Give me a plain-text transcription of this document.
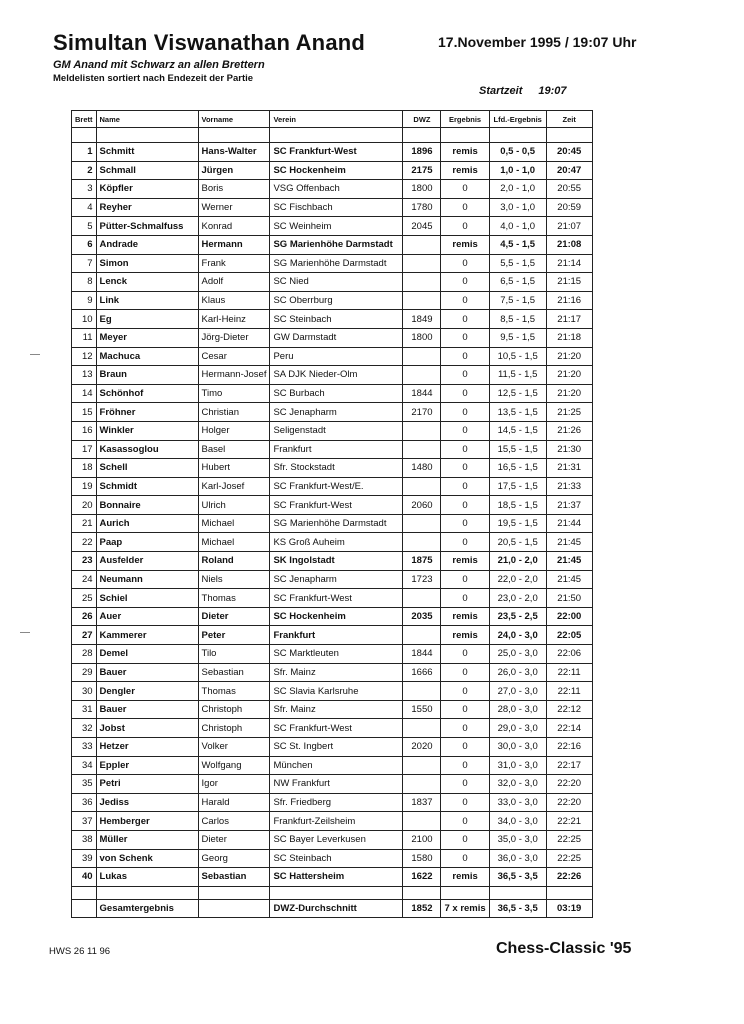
Simultan Viswanathan Anand	17.November 1995 / 19:07 Uhr
GM Anand mit Schwarz an allen Brettern
Meldelisten sortiert nach Endezeit der Partie
Startzeit 19:07
Brett	Name	Vorname	Verein	DWZ	Ergebnis	Lfd.-Ergebnis	Zeit

1	Schmitt	Hans-Walter	SC Frankfurt-West	1896	remis	0,5 - 0,5	20:45
2	Schmall	Jürgen	SC Hockenheim	2175	remis	1,0 - 1,0	20:47
3	Köpfler	Boris	VSG Offenbach	1800	0	2,0 - 1,0	20:55
4	Reyher	Werner	SC Fischbach	1780	0	3,0 - 1,0	20:59
5	Pütter-Schmalfuss	Konrad	SC Weinheim	2045	0	4,0 - 1,0	21:07
6	Andrade	Hermann	SG Marienhöhe Darmstadt		remis	4,5 - 1,5	21:08
7	Simon	Frank	SG Marienhöhe Darmstadt		0	5,5 - 1,5	21:14
8	Lenck	Adolf	SC Nied		0	6,5 - 1,5	21:15
9	Link	Klaus	SC Oberrburg		0	7,5 - 1,5	21:16
10	Eg	Karl-Heinz	SC Steinbach	1849	0	8,5 - 1,5	21:17
11	Meyer	Jörg-Dieter	GW Darmstadt	1800	0	9,5 - 1,5	21:18
12	Machuca	Cesar	Peru		0	10,5 - 1,5	21:20
13	Braun	Hermann-Josef	SA DJK Nieder-Olm		0	11,5 - 1,5	21:20
14	Schönhof	Timo	SC Burbach	1844	0	12,5 - 1,5	21:20
15	Fröhner	Christian	SC Jenapharm	2170	0	13,5 - 1,5	21:25
16	Winkler	Holger	Seligenstadt		0	14,5 - 1,5	21:26
17	Kasassoglou	Basel	Frankfurt		0	15,5 - 1,5	21:30
18	Schell	Hubert	Sfr. Stockstadt	1480	0	16,5 - 1,5	21:31
19	Schmidt	Karl-Josef	SC Frankfurt-West/E.		0	17,5 - 1,5	21:33
20	Bonnaire	Ulrich	SC Frankfurt-West	2060	0	18,5 - 1,5	21:37
21	Aurich	Michael	SG Marienhöhe Darmstadt		0	19,5 - 1,5	21:44
22	Paap	Michael	KS Groß Auheim		0	20,5 - 1,5	21:45
23	Ausfelder	Roland	SK Ingolstadt	1875	remis	21,0 - 2,0	21:45
24	Neumann	Niels	SC Jenapharm	1723	0	22,0 - 2,0	21:45
25	Schiel	Thomas	SC Frankfurt-West		0	23,0 - 2,0	21:50
26	Auer	Dieter	SC Hockenheim	2035	remis	23,5 - 2,5	22:00
27	Kammerer	Peter	Frankfurt		remis	24,0 - 3,0	22:05
28	Demel	Tilo	SC Marktleuten	1844	0	25,0 - 3,0	22:06
29	Bauer	Sebastian	Sfr. Mainz	1666	0	26,0 - 3,0	22:11
30	Dengler	Thomas	SC Slavia Karlsruhe		0	27,0 - 3,0	22:11
31	Bauer	Christoph	Sfr. Mainz	1550	0	28,0 - 3,0	22:12
32	Jobst	Christoph	SC Frankfurt-West		0	29,0 - 3,0	22:14
33	Hetzer	Volker	SC St. Ingbert	2020	0	30,0 - 3,0	22:16
34	Eppler	Wolfgang	München		0	31,0 - 3,0	22:17
35	Petri	Igor	NW Frankfurt		0	32,0 - 3,0	22:20
36	Jediss	Harald	Sfr. Friedberg	1837	0	33,0 - 3,0	22:20
37	Hemberger	Carlos	Frankfurt-Zeilsheim		0	34,0 - 3,0	22:21
38	Müller	Dieter	SC Bayer Leverkusen	2100	0	35,0 - 3,0	22:25
39	von Schenk	Georg	SC Steinbach	1580	0	36,0 - 3,0	22:25
40	Lukas	Sebastian	SC Hattersheim	1622	remis	36,5 - 3,5	22:26

	Gesamtergebnis		DWZ-Durchschnitt	1852	7 x remis	36,5 - 3,5	03:19
HWS 26 11 96	Chess-Classic '95
